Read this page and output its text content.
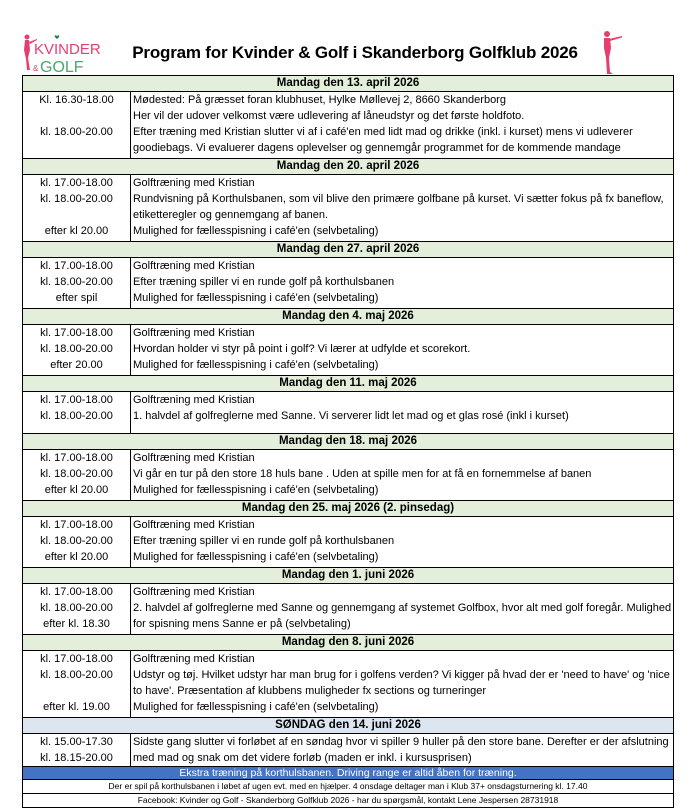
KVINDER
& GOLF
Program for Kvinder & Golf i Skanderborg Golfklub 2026
Mandag den 13. april 2026
Kl. 16.30-18.00
kl. 18.00-20.00
Mødested: På græsset foran klubhuset, Hylke Møllevej 2, 8660 Skanderborg
Her vil der udover velkomst være udlevering af låneudstyr og det første holdfoto.
Efter træning med Kristian slutter vi af i café'en med lidt mad og drikke (inkl. i kurset) mens vi udleverer
goodiebags. Vi evaluerer dagens oplevelser og gennemgår programmet for de kommende mandage
Mandag den 20. april 2026
kl. 17.00-18.00
kl. 18.00-20.00
efter kl 20.00
Golftræning med Kristian
Rundvisning på Korthulsbanen, som vil blive den primære golfbane på kurset. Vi sætter fokus på fx baneflow,
etiketteregler og gennemgang af banen.
Mulighed for fællesspisning i café'en (selvbetaling)
Mandag den 27. april 2026
kl. 17.00-18.00
kl. 18.00-20.00
efter spil
Golftræning med Kristian
Efter træning spiller vi en runde golf på korthulsbanen
Mulighed for fællesspisning i café'en (selvbetaling)
Mandag den 4. maj 2026
kl. 17.00-18.00
kl. 18.00-20.00
efter 20.00
Golftræning med Kristian
Hvordan holder vi styr på point i golf? Vi lærer at udfylde et scorekort.
Mulighed for fællesspisning i café'en (selvbetaling)
Mandag den 11. maj 2026
kl. 17.00-18.00
kl. 18.00-20.00
Golftræning med Kristian
1. halvdel af golfreglerne med Sanne. Vi serverer lidt let mad og et glas rosé (inkl i kurset)
Mandag den 18. maj 2026
kl. 17.00-18.00
kl. 18.00-20.00
efter kl 20.00
Golftræning med Kristian
Vi går en tur på den store 18 huls bane . Uden at spille men for at få en fornemmelse af banen
Mulighed for fællesspisning i café'en (selvbetaling)
Mandag den 25. maj 2026 (2. pinsedag)
kl. 17.00-18.00
kl. 18.00-20.00
efter kl 20.00
Golftræning med Kristian
Efter træning spiller vi en runde golf på korthulsbanen
Mulighed for fællesspisning i café'en (selvbetaling)
Mandag den 1. juni 2026
kl. 17.00-18.00
kl. 18.00-20.00
efter kl. 18.30
Golftræning med Kristian
2. halvdel af golfreglerne med Sanne og gennemgang af systemet Golfbox, hvor alt med golf foregår. Mulighed
for spisning mens Sanne er på (selvbetaling)
Mandag den 8. juni 2026
kl. 17.00-18.00
kl. 18.00-20.00
efter kl. 19.00
Golftræning med Kristian
Udstyr og tøj. Hvilket udstyr har man brug for i golfens verden? Vi kigger på hvad der er 'need to have' og 'nice
to have'. Præsentation af klubbens muligheder fx sections og turneringer
Mulighed for fællesspisning i café'en (selvbetaling)
SØNDAG den 14. juni 2026
kl. 15.00-17.30
kl. 18.15-20.00
Sidste gang slutter vi forløbet af en søndag hvor vi spiller 9 huller på den store bane. Derefter er der afslutning
med mad og snak om det videre forløb (maden er inkl. i kursusprisen)
Ekstra træning på korthulsbanen. Driving range er altid åben for træning.
Der er spil på korthulsbanen i løbet af ugen evt. med en hjælper. 4 onsdage deltager man i Klub 37+ onsdagsturnering kl. 17.40
Facebook: Kvinder og Golf - Skanderborg Golfklub 2026 - har du spørgsmål, kontakt Lene Jespersen 28731918
